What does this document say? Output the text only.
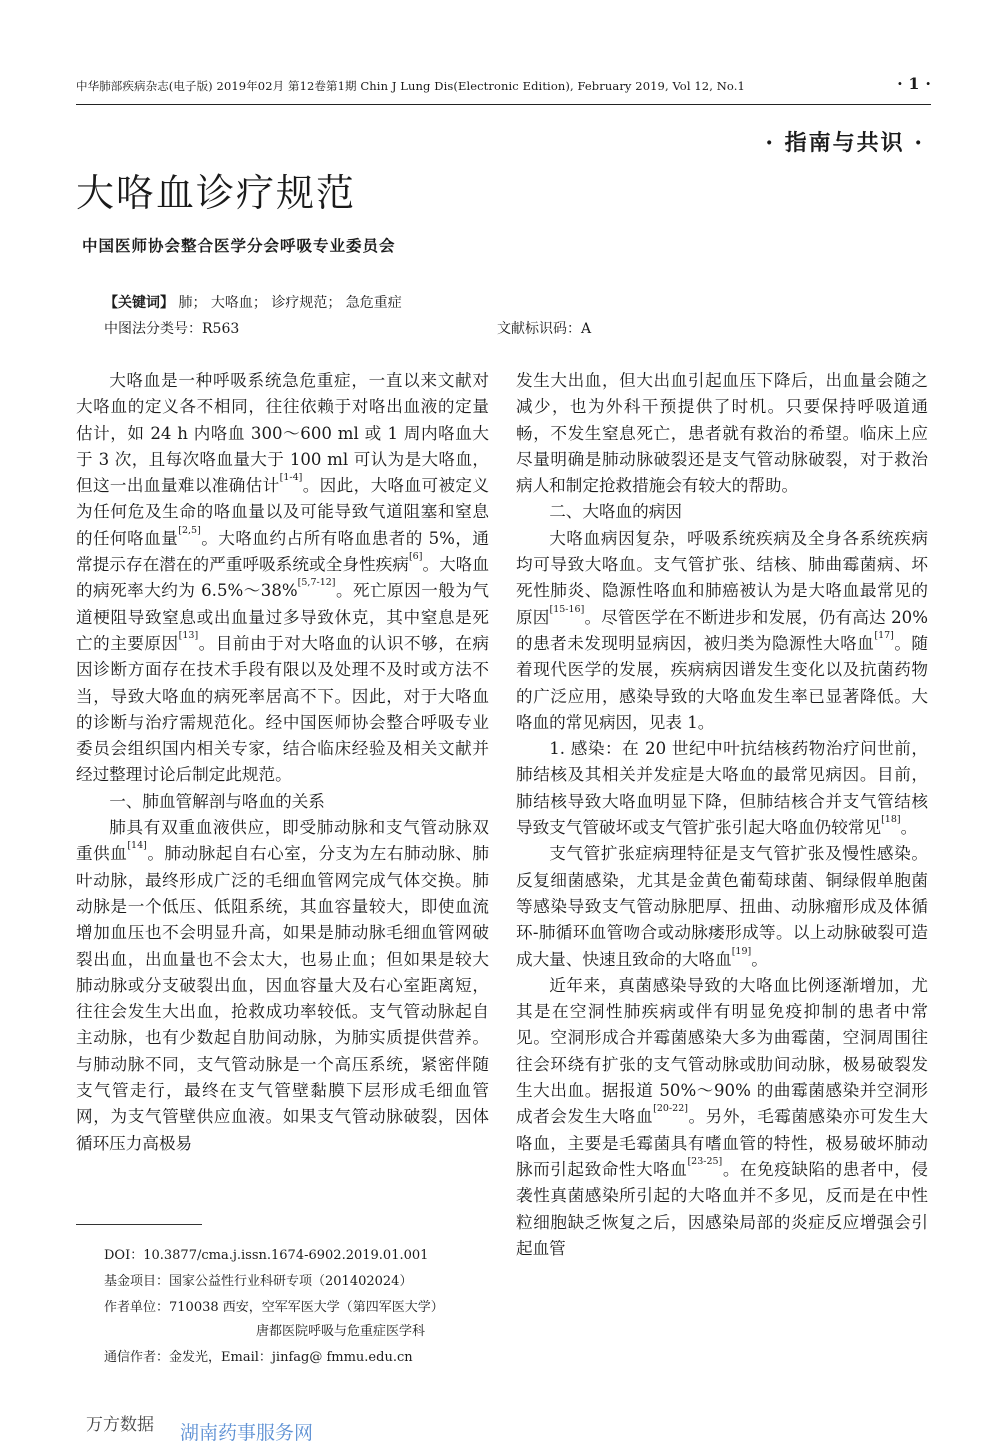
中华肺部疾病杂志(电子版) 2019年02月 第12卷第1期 Chin J Lung Dis(Electronic Edition), February 2019, Vol 12, No.1	· 1 ·
· 指南与共识 ·
大咯血诊疗规范
中国医师协会整合医学分会呼吸专业委员会
【关键词】 肺； 大咯血； 诊疗规范； 急危重症
中图法分类号：R563	文献标识码：A

大咯血是一种呼吸系统急危重症，一直以来文献对大咯血的定义各不相同，往往依赖于对咯出血液的定量估计，如 24 h 内咯血 300～600 ml 或 1 周内咯血大于 3 次，且每次咯血量大于 100 ml 可认为是大咯血，但这一出血量难以准确估计[1-4]。因此，大咯血可被定义为任何危及生命的咯血量以及可能导致气道阻塞和窒息的任何咯血量[2,5]。大咯血约占所有咯血患者的 5%，通常提示存在潜在的严重呼吸系统或全身性疾病[6]。大咯血的病死率大约为 6.5%～38%[5,7-12]。死亡原因一般为气道梗阻导致窒息或出血量过多导致休克，其中窒息是死亡的主要原因[13]。目前由于对大咯血的认识不够，在病因诊断方面存在技术手段有限以及处理不及时或方法不当，导致大咯血的病死率居高不下。因此，对于大咯血的诊断与治疗需规范化。经中国医师协会整合呼吸专业委员会组织国内相关专家，结合临床经验及相关文献并经过整理讨论后制定此规范。

一、肺血管解剖与咯血的关系

肺具有双重血液供应，即受肺动脉和支气管动脉双重供血[14]。肺动脉起自右心室，分支为左右肺动脉、肺叶动脉，最终形成广泛的毛细血管网完成气体交换。肺动脉是一个低压、低阻系统，其血容量较大，即使血流增加血压也不会明显升高，如果是肺动脉毛细血管网破裂出血，出血量也不会太大，也易止血；但如果是较大肺动脉或分支破裂出血，因血容量大及右心室距离短，往往会发生大出血，抢救成功率较低。支气管动脉起自主动脉，也有少数起自肋间动脉，为肺实质提供营养。与肺动脉不同，支气管动脉是一个高压系统，紧密伴随支气管走行，最终在支气管壁黏膜下层形成毛细血管网，为支气管壁供应血液。如果支气管动脉破裂，因体循环压力高极易

发生大出血，但大出血引起血压下降后，出血量会随之减少，也为外科干预提供了时机。只要保持呼吸道通畅，不发生窒息死亡，患者就有救治的希望。临床上应尽量明确是肺动脉破裂还是支气管动脉破裂，对于救治病人和制定抢救措施会有较大的帮助。

二、大咯血的病因

大咯血病因复杂，呼吸系统疾病及全身各系统疾病均可导致大咯血。支气管扩张、结核、肺曲霉菌病、坏死性肺炎、隐源性咯血和肺癌被认为是大咯血最常见的原因[15-16]。尽管医学在不断进步和发展，仍有高达 20% 的患者未发现明显病因，被归类为隐源性大咯血[17]。随着现代医学的发展，疾病病因谱发生变化以及抗菌药物的广泛应用，感染导致的大咯血发生率已显著降低。大咯血的常见病因，见表 1。

1. 感染：在 20 世纪中叶抗结核药物治疗问世前，肺结核及其相关并发症是大咯血的最常见病因。目前，肺结核导致大咯血明显下降，但肺结核合并支气管结核导致支气管破坏或支气管扩张引起大咯血仍较常见[18]。

支气管扩张症病理特征是支气管扩张及慢性感染。反复细菌感染，尤其是金黄色葡萄球菌、铜绿假单胞菌等感染导致支气管动脉肥厚、扭曲、动脉瘤形成及体循环-肺循环血管吻合或动脉瘘形成等。以上动脉破裂可造成大量、快速且致命的大咯血[19]。

近年来，真菌感染导致的大咯血比例逐渐增加，尤其是在空洞性肺疾病或伴有明显免疫抑制的患者中常见。空洞形成合并霉菌感染大多为曲霉菌，空洞周围往往会环绕有扩张的支气管动脉或肋间动脉，极易破裂发生大出血。据报道 50%～90% 的曲霉菌感染并空洞形成者会发生大咯血[20-22]。另外，毛霉菌感染亦可发生大咯血，主要是毛霉菌具有嗜血管的特性，极易破坏肺动脉而引起致命性大咯血[23-25]。在免疫缺陷的患者中，侵袭性真菌感染所引起的大咯血并不多见，反而是在中性粒细胞缺乏恢复之后，因感染局部的炎症反应增强会引起血管

DOI：10.3877/cma.j.issn.1674-6902.2019.01.001
基金项目：国家公益性行业科研专项（201402024）
作者单位：710038 西安，空军军医大学（第四军医大学）
唐都医院呼吸与危重症医学科
通信作者：金发光，Email：jinfag@ fmmu.edu.cn
万方数据 湖南药事服务网
